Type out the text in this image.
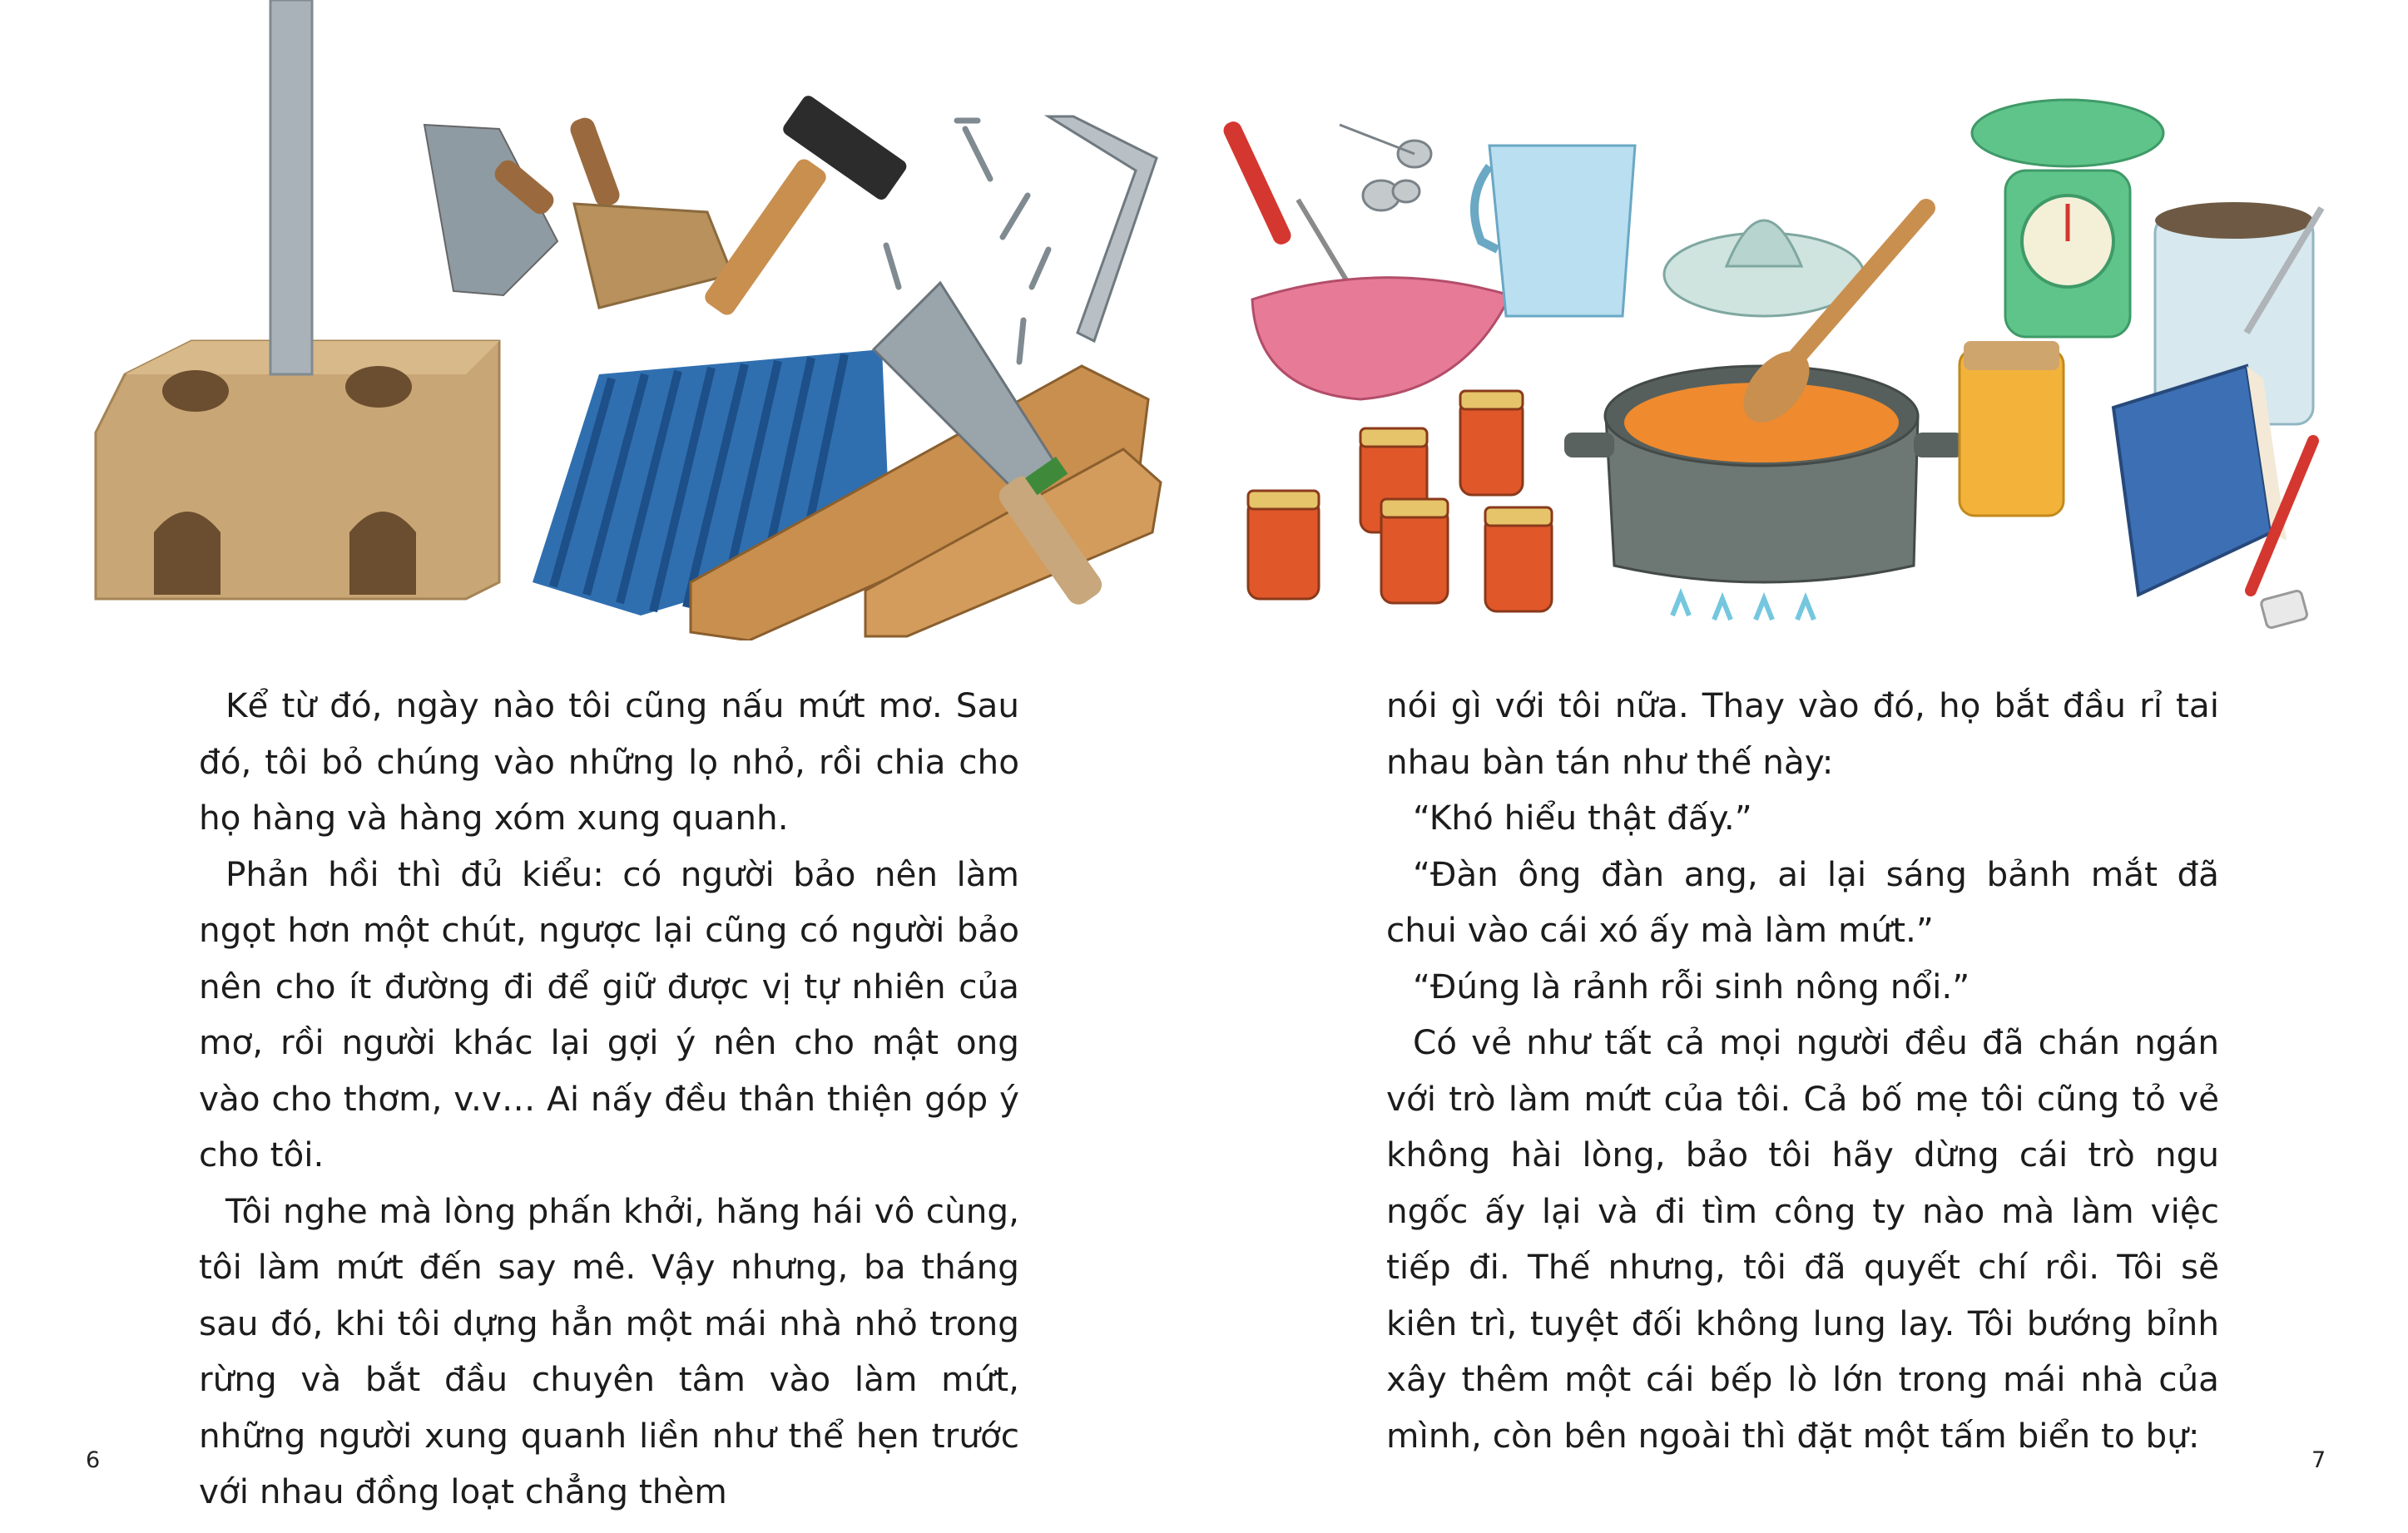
Kể từ đó, ngày nào tôi cũng nấu mứt mơ. Sau đó, tôi bỏ chúng vào những lọ nhỏ, rồi chia cho họ hàng và hàng xóm xung quanh.

Phản hồi thì đủ kiểu: có người bảo nên làm ngọt hơn một chút, ngược lại cũng có người bảo nên cho ít đường đi để giữ được vị tự nhiên của mơ, rồi người khác lại gợi ý nên cho mật ong vào cho thơm, v.v… Ai nấy đều thân thiện góp ý cho tôi.

Tôi nghe mà lòng phấn khởi, hăng hái vô cùng, tôi làm mứt đến say mê. Vậy nhưng, ba tháng sau đó, khi tôi dựng hẳn một mái nhà nhỏ trong rừng và bắt đầu chuyên tâm vào làm mứt, những người xung quanh liền như thể hẹn trước với nhau đồng loạt chẳng thèm

nói gì với tôi nữa. Thay vào đó, họ bắt đầu rỉ tai nhau bàn tán như thế này:

“Khó hiểu thật đấy.”

“Đàn ông đàn ang, ai lại sáng bảnh mắt đã chui vào cái xó ấy mà làm mứt.”

“Đúng là rảnh rỗi sinh nông nổi.”

Có vẻ như tất cả mọi người đều đã chán ngán với trò làm mứt của tôi. Cả bố mẹ tôi cũng tỏ vẻ không hài lòng, bảo tôi hãy dừng cái trò ngu ngốc ấy lại và đi tìm công ty nào mà làm việc tiếp đi. Thế nhưng, tôi đã quyết chí rồi. Tôi sẽ kiên trì, tuyệt đối không lung lay. Tôi bướng bỉnh xây thêm một cái bếp lò lớn trong mái nhà của mình, còn bên ngoài thì đặt một tấm biển to bự:

6	7
